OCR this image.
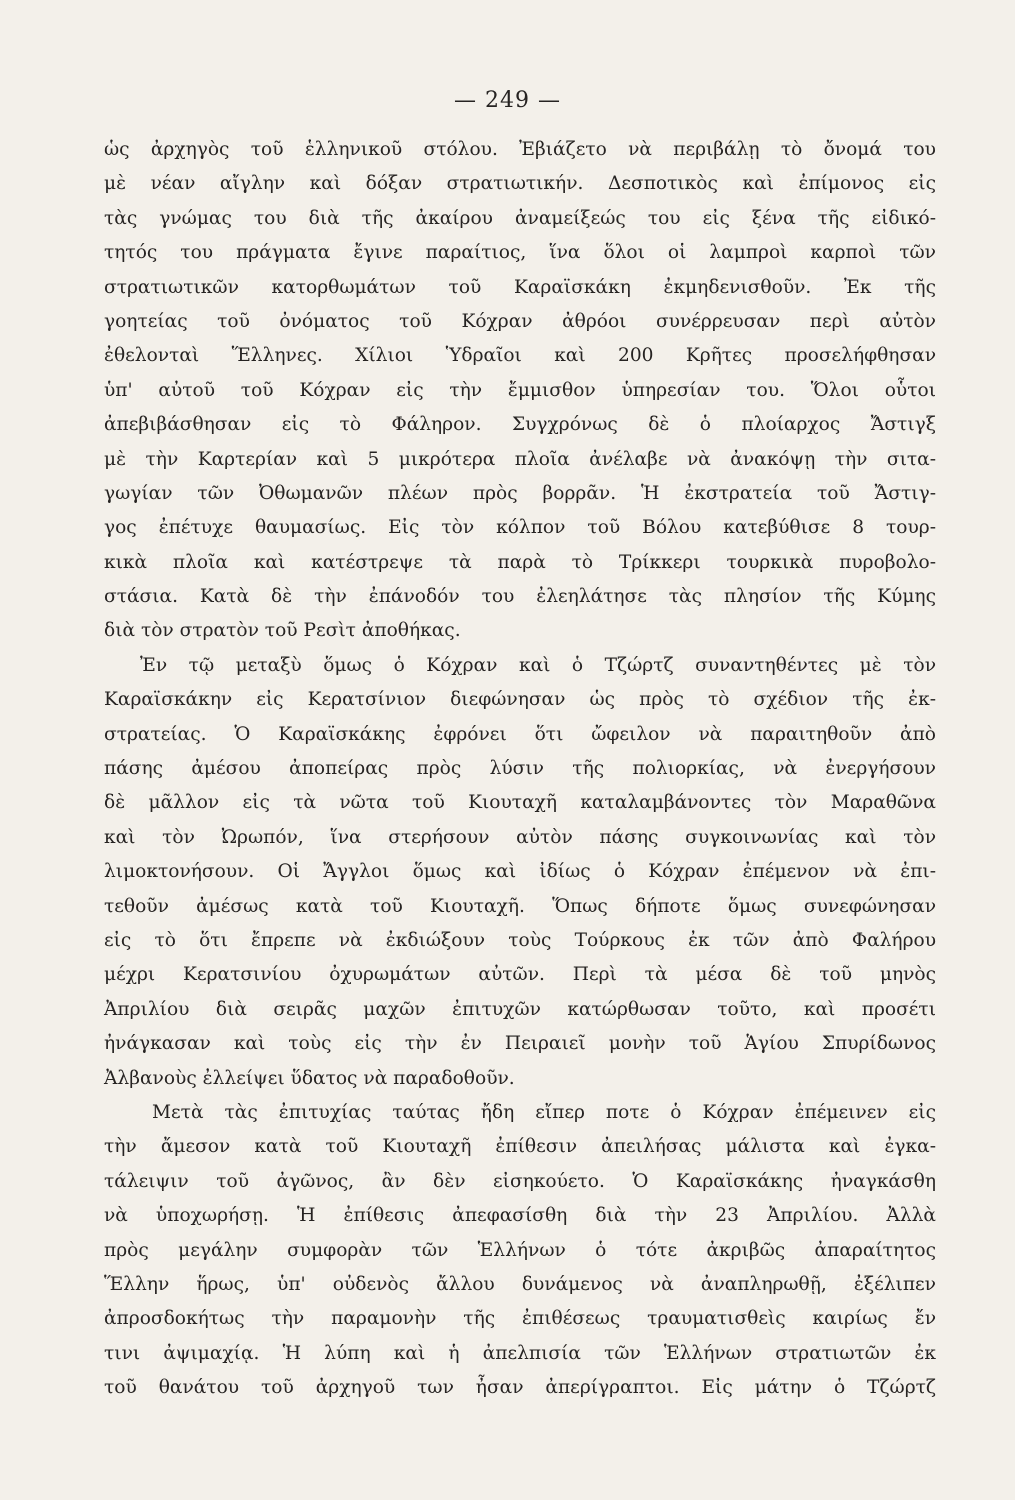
— 249 —
ὡς ἀρχηγὸς τοῦ ἑλληνικοῦ στόλου. Ἐβιάζετο νὰ περιβάλῃ τὸ ὄνομά του
μὲ νέαν αἴγλην καὶ δόξαν στρατιωτικήν. Δεσποτικὸς καὶ ἐπίμονος εἰς
τὰς γνώμας του διὰ τῆς ἀκαίρου ἀναμείξεώς του εἰς ξένα τῆς εἰδικό-
τητός του πράγματα ἔγινε παραίτιος, ἵνα ὅλοι οἱ λαμπροὶ καρποὶ τῶν
στρατιωτικῶν κατορθωμάτων τοῦ Καραϊσκάκη ἐκμηδενισθοῦν. Ἐκ τῆς
γοητείας τοῦ ὀνόματος τοῦ Κόχραν ἀθρόοι συνέρρευσαν περὶ αὐτὸν
ἐθελονταὶ Ἕλληνες. Χίλιοι Ὑδραῖοι καὶ 200 Κρῆτες προσελήφθησαν
ὑπ' αὐτοῦ τοῦ Κόχραν εἰς τὴν ἔμμισθον ὑπηρεσίαν του. Ὅλοι οὗτοι
ἀπεβιβάσθησαν εἰς τὸ Φάληρον. Συγχρόνως δὲ ὁ πλοίαρχος Ἄστιγξ
μὲ τὴν Καρτερίαν καὶ 5 μικρότερα πλοῖα ἀνέλαβε νὰ ἀνακόψῃ τὴν σιτα-
γωγίαν τῶν Ὀθωμανῶν πλέων πρὸς βορρᾶν. Ἡ ἐκστρατεία τοῦ Ἄστιγ-
γος ἐπέτυχε θαυμασίως. Εἰς τὸν κόλπον τοῦ Βόλου κατεβύθισε 8 τουρ-
κικὰ πλοῖα καὶ κατέστρεψε τὰ παρὰ τὸ Τρίκκερι τουρκικὰ πυροβολο-
στάσια. Κατὰ δὲ τὴν ἐπάνοδόν του ἐλεηλάτησε τὰς πλησίον τῆς Κύμης
διὰ τὸν στρατὸν τοῦ Ρεσὶτ ἀποθήκας.
Ἐν τῷ μεταξὺ ὅμως ὁ Κόχραν καὶ ὁ Τζώρτζ συναντηθέντες μὲ τὸν
Καραϊσκάκην εἰς Κερατσίνιον διεφώνησαν ὡς πρὸς τὸ σχέδιον τῆς ἐκ-
στρατείας. Ὁ Καραϊσκάκης ἐφρόνει ὅτι ὤφειλον νὰ παραιτηθοῦν ἀπὸ
πάσης ἀμέσου ἀποπείρας πρὸς λύσιν τῆς πολιορκίας, νὰ ἐνεργήσουν
δὲ μᾶλλον εἰς τὰ νῶτα τοῦ Κιουταχῆ καταλαμβάνοντες τὸν Μαραθῶνα
καὶ τὸν Ὠρωπόν, ἵνα στερήσουν αὐτὸν πάσης συγκοινωνίας καὶ τὸν
λιμοκτονήσουν. Οἱ Ἄγγλοι ὅμως καὶ ἰδίως ὁ Κόχραν ἐπέμενον νὰ ἐπι-
τεθοῦν ἀμέσως κατὰ τοῦ Κιουταχῆ. Ὅπως δήποτε ὅμως συνεφώνησαν
εἰς τὸ ὅτι ἔπρεπε νὰ ἐκδιώξουν τοὺς Τούρκους ἐκ τῶν ἀπὸ Φαλήρου
μέχρι Κερατσινίου ὀχυρωμάτων αὐτῶν. Περὶ τὰ μέσα δὲ τοῦ μηνὸς
Ἀπριλίου διὰ σειρᾶς μαχῶν ἐπιτυχῶν κατώρθωσαν τοῦτο, καὶ προσέτι
ἠνάγκασαν καὶ τοὺς εἰς τὴν ἐν Πειραιεῖ μονὴν τοῦ Ἁγίου Σπυρίδωνος
Ἀλβανοὺς ἐλλείψει ὕδατος νὰ παραδοθοῦν.
Μετὰ τὰς ἐπιτυχίας ταύτας ἤδη εἴπερ ποτε ὁ Κόχραν ἐπέμεινεν εἰς
τὴν ἄμεσον κατὰ τοῦ Κιουταχῆ ἐπίθεσιν ἀπειλήσας μάλιστα καὶ ἐγκα-
τάλειψιν τοῦ ἀγῶνος, ἂν δὲν εἰσηκούετο. Ὁ Καραϊσκάκης ἠναγκάσθη
νὰ ὑποχωρήσῃ. Ἡ ἐπίθεσις ἀπεφασίσθη διὰ τὴν 23 Ἀπριλίου. Ἀλλὰ
πρὸς μεγάλην συμφορὰν τῶν Ἑλλήνων ὁ τότε ἀκριβῶς ἀπαραίτητος
Ἕλλην ἥρως, ὑπ' οὐδενὸς ἄλλου δυνάμενος νὰ ἀναπληρωθῇ, ἐξέλιπεν
ἀπροσδοκήτως τὴν παραμονὴν τῆς ἐπιθέσεως τραυματισθεὶς καιρίως ἔν
τινι ἀψιμαχίᾳ. Ἡ λύπη καὶ ἡ ἀπελπισία τῶν Ἑλλήνων στρατιωτῶν ἐκ
τοῦ θανάτου τοῦ ἀρχηγοῦ των ἦσαν ἀπερίγραπτοι. Εἰς μάτην ὁ Τζώρτζ
